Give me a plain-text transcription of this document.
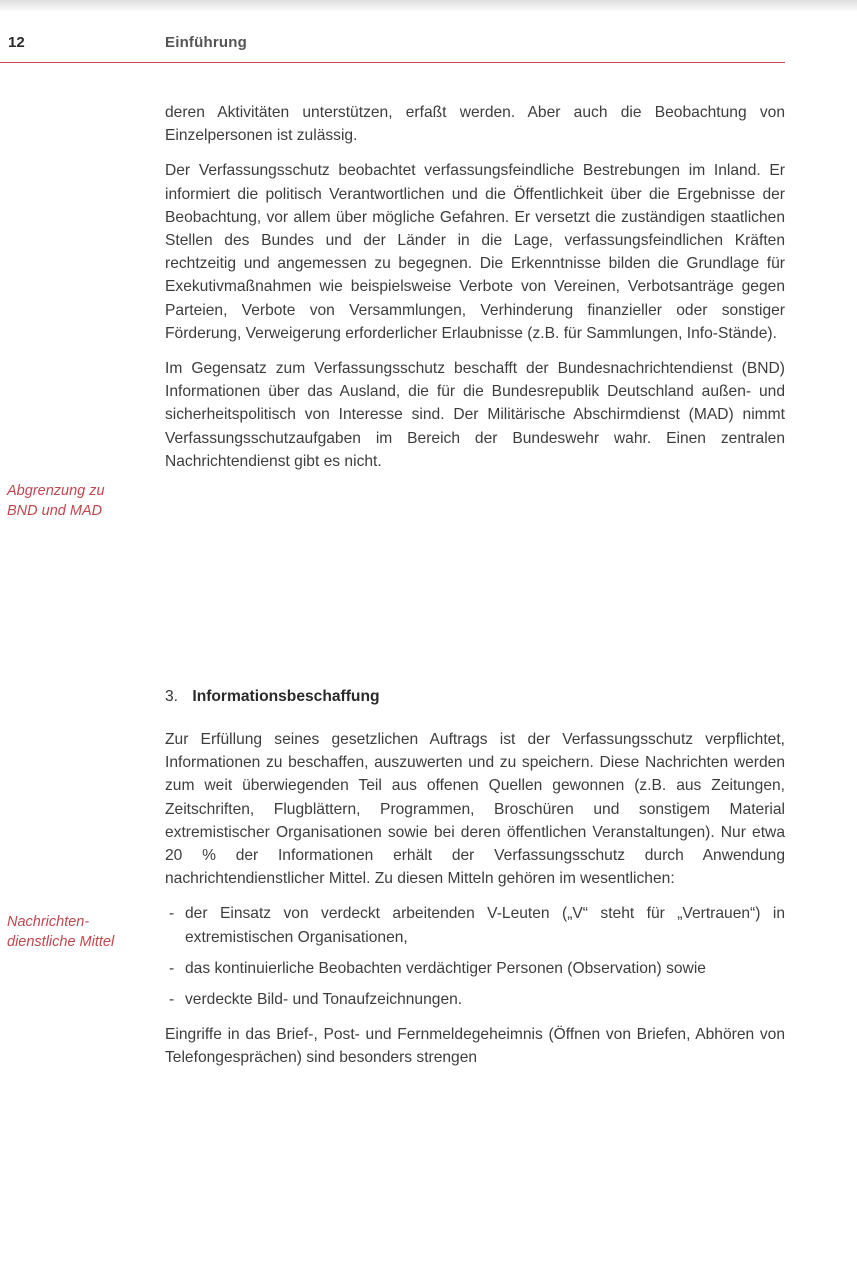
12	Einführung

deren Aktivitäten unterstützen, erfaßt werden. Aber auch die Beobachtung von Einzelpersonen ist zulässig.

Der Verfassungsschutz beobachtet verfassungsfeindliche Bestrebungen im Inland. Er informiert die politisch Verantwortlichen und die Öffentlichkeit über die Ergebnisse der Beobachtung, vor allem über mögliche Gefahren. Er versetzt die zuständigen staatlichen Stellen des Bundes und der Länder in die Lage, verfassungsfeindlichen Kräften rechtzeitig und angemessen zu begegnen. Die Erkenntnisse bilden die Grundlage für Exekutivmaßnahmen wie beispielsweise Verbote von Vereinen, Verbotsanträge gegen Parteien, Verbote von Versammlungen, Verhinderung finanzieller oder sonstiger Förderung, Verweigerung erforderlicher Erlaubnisse (z.B. für Sammlungen, Info-Stände).

Im Gegensatz zum Verfassungsschutz beschafft der Bundesnachrichtendienst (BND) Informationen über das Ausland, die für die Bundesrepublik Deutschland außen- und sicherheitspolitisch von Interesse sind. Der Militärische Abschirmdienst (MAD) nimmt Verfassungsschutzaufgaben im Bereich der Bundeswehr wahr. Einen zentralen Nachrichtendienst gibt es nicht.

Abgrenzung zu
BND und MAD
3. Informationsbeschaffung

Zur Erfüllung seines gesetzlichen Auftrags ist der Verfassungsschutz verpflichtet, Informationen zu beschaffen, auszuwerten und zu speichern. Diese Nachrichten werden zum weit überwiegenden Teil aus offenen Quellen gewonnen (z.B. aus Zeitungen, Zeitschriften, Flugblättern, Programmen, Broschüren und sonstigem Material extremistischer Organisationen sowie bei deren öffentlichen Veranstaltungen). Nur etwa 20 % der Informationen erhält der Verfassungsschutz durch Anwendung nachrichtendienstlicher Mittel. Zu diesen Mitteln gehören im wesentlichen:

- der Einsatz von verdeckt arbeitenden V-Leuten („V“ steht für „Vertrauen“) in extremistischen Organisationen,
- das kontinuierliche Beobachten verdächtiger Personen (Observation) sowie
- verdeckte Bild- und Tonaufzeichnungen.

Eingriffe in das Brief-, Post- und Fernmeldegeheimnis (Öffnen von Briefen, Abhören von Telefongesprächen) sind besonders strengen

Nachrichten-
dienstliche Mittel
